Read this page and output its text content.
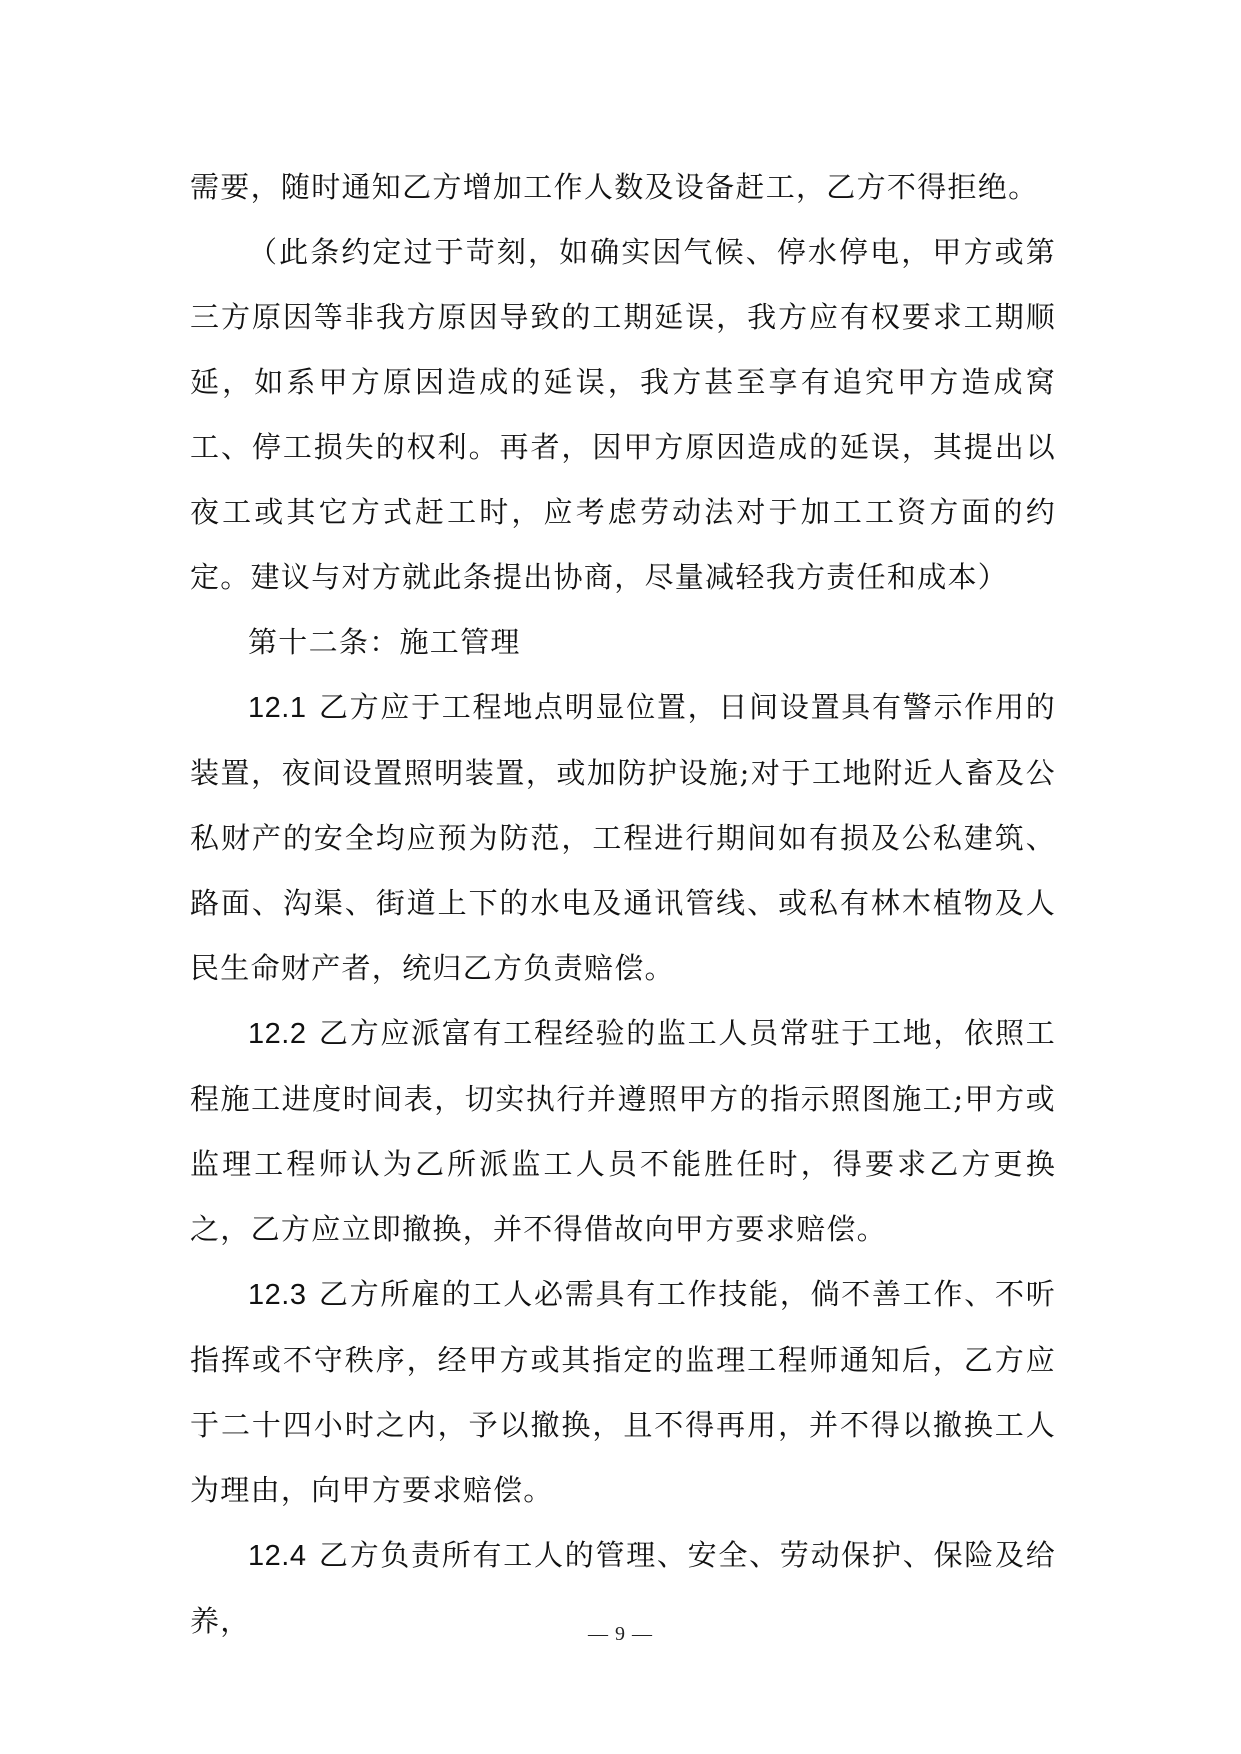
需要，随时通知乙方增加工作人数及设备赶工，乙方不得拒绝。

（此条约定过于苛刻，如确实因气候、停水停电，甲方或第三方原因等非我方原因导致的工期延误，我方应有权要求工期顺延，如系甲方原因造成的延误，我方甚至享有追究甲方造成窝工、停工损失的权利。再者，因甲方原因造成的延误，其提出以夜工或其它方式赶工时，应考虑劳动法对于加工工资方面的约定。建议与对方就此条提出协商，尽量减轻我方责任和成本）

第十二条：施工管理

12.1 乙方应于工程地点明显位置，日间设置具有警示作用的装置，夜间设置照明装置，或加防护设施;对于工地附近人畜及公私财产的安全均应预为防范，工程进行期间如有损及公私建筑、路面、沟渠、街道上下的水电及通讯管线、或私有林木植物及人民生命财产者，统归乙方负责赔偿。

12.2 乙方应派富有工程经验的监工人员常驻于工地，依照工程施工进度时间表，切实执行并遵照甲方的指示照图施工;甲方或监理工程师认为乙所派监工人员不能胜任时，得要求乙方更换之，乙方应立即撤换，并不得借故向甲方要求赔偿。

12.3 乙方所雇的工人必需具有工作技能，倘不善工作、不听指挥或不守秩序，经甲方或其指定的监理工程师通知后，乙方应于二十四小时之内，予以撤换，且不得再用，并不得以撤换工人为理由，向甲方要求赔偿。

12.4 乙方负责所有工人的管理、安全、劳动保护、保险及给养，	— 9 —
